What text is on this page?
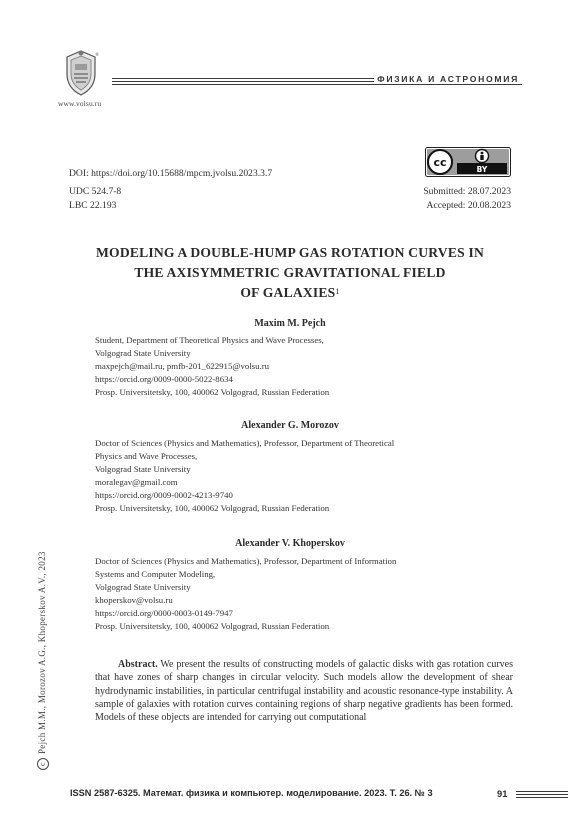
®
www.volsu.ru
ФИЗИКА И АСТРОНОМИЯ
cc
BY
DOI: https://doi.org/10.15688/mpcm.jvolsu.2023.3.7
UDC 524.7-8
LBC 22.193
Submitted: 28.07.2023
Accepted: 20.08.2023
MODELING A DOUBLE-HUMP GAS ROTATION CURVES IN
THE AXISYMMETRIC GRAVITATIONAL FIELD
OF GALAXIES$^1$
Maxim M. Pejch
Student, Department of Theoretical Physics and Wave Processes,
Volgograd State University
maxpejch@mail.ru, pmfb-201_622915@volsu.ru
https://orcid.org/0009-0000-5022-8634
Prosp. Universitetsky, 100, 400062 Volgograd, Russian Federation
Alexander G. Morozov
Doctor of Sciences (Physics and Mathematics), Professor, Department of Theoretical
Physics and Wave Processes,
Volgograd State University
moralegav@gmail.com
https://orcid.org/0009-0002-4213-9740
Prosp. Universitetsky, 100, 400062 Volgograd, Russian Federation
Alexander V. Khoperskov
Doctor of Sciences (Physics and Mathematics), Professor, Department of Information
Systems and Computer Modeling,
Volgograd State University
khoperskov@volsu.ru
https://orcid.org/0000-0003-0149-7947
Prosp. Universitetsky, 100, 400062 Volgograd, Russian Federation
Abstract. We present the results of constructing models of galactic disks with gas rotation curves that have zones of sharp changes in circular velocity. Such models allow the development of shear hydrodynamic instabilities, in particular centrifugal instability and acoustic resonance-type instability. A sample of galaxies with rotation curves containing regions of sharp negative gradients has been formed. Models of these objects are intended for carrying out computational
cPejch M.M., Morozov A.G., Khoperskov A.V., 2023
ISSN 2587-6325. Математ. физика и компьютер. моделирование. 2023. Т. 26. № 3	91
